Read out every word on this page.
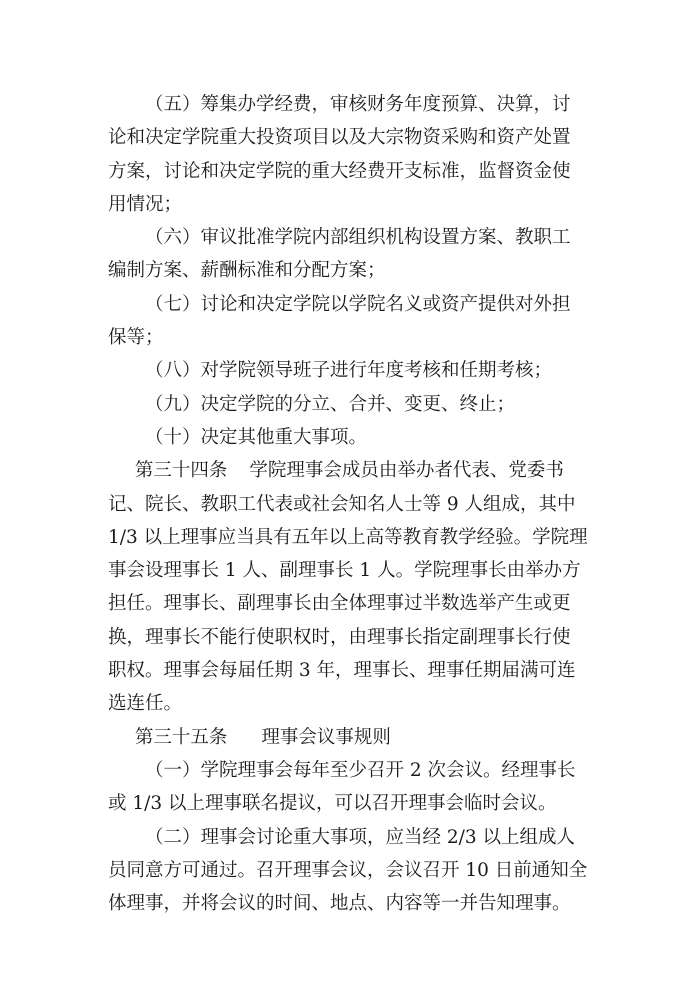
（五）筹集办学经费，审核财务年度预算、决算，讨
论和决定学院重大投资项目以及大宗物资采购和资产处置
方案，讨论和决定学院的重大经费开支标准，监督资金使
用情况；

（六）审议批准学院内部组织机构设置方案、教职工
编制方案、薪酬标准和分配方案；

（七）讨论和决定学院以学院名义或资产提供对外担
保等；

（八）对学院领导班子进行年度考核和任期考核；

（九）决定学院的分立、合并、变更、终止；

（十）决定其他重大事项。

第三十四条 学院理事会成员由举办者代表、党委书
记、院长、教职工代表或社会知名人士等 9 人组成，其中
1/3 以上理事应当具有五年以上高等教育教学经验。学院理
事会设理事长 1 人、副理事长 1 人。学院理事长由举办方
担任。理事长、副理事长由全体理事过半数选举产生或更
换，理事长不能行使职权时，由理事长指定副理事长行使
职权。理事会每届任期 3 年，理事长、理事任期届满可连
选连任。

第三十五条 理事会议事规则

（一）学院理事会每年至少召开 2 次会议。经理事长
或 1/3 以上理事联名提议，可以召开理事会临时会议。

（二）理事会讨论重大事项，应当经 2/3 以上组成人
员同意方可通过。召开理事会议，会议召开 10 日前通知全
体理事，并将会议的时间、地点、内容等一并告知理事。
